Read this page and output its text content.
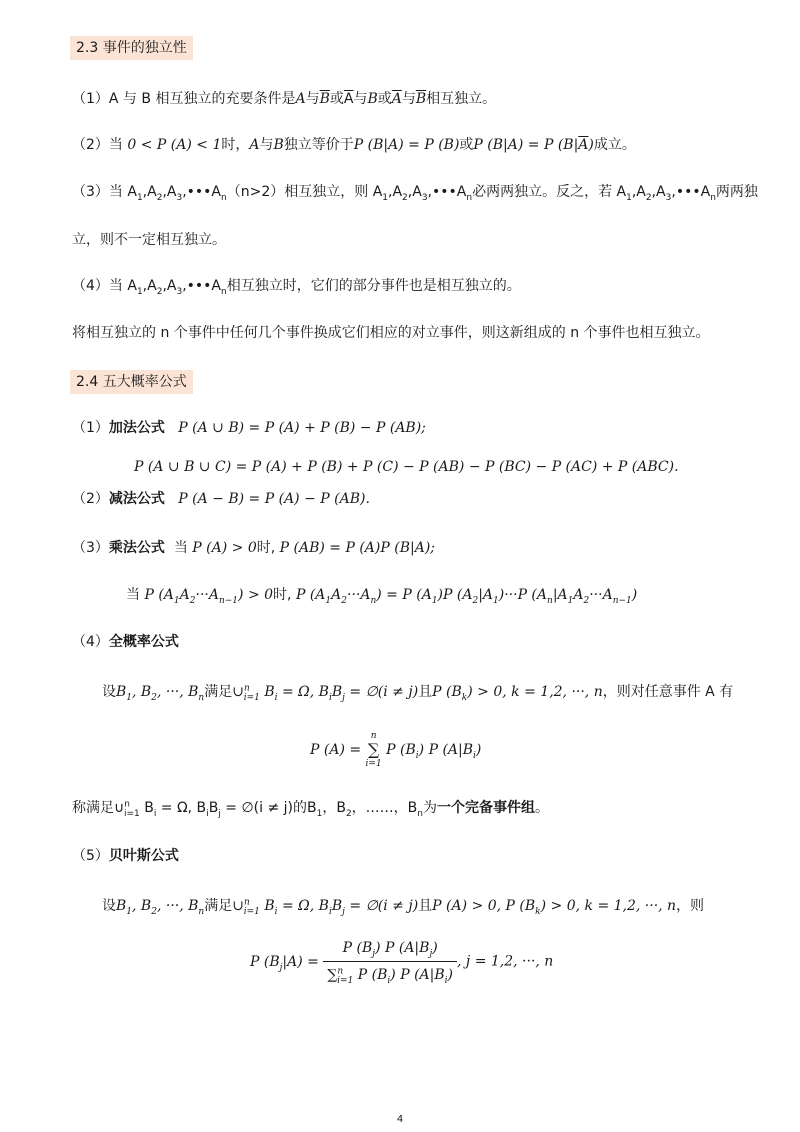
2.3 事件的独立性
（1）A 与 B 相互独立的充要条件是A与$\overline{B}$或$\overline{A}$与B或$\overline{A}$与$\overline{B}$相互独立。
（2）当 0 < P (A) < 1时，A与B独立等价于P (B|A) = P (B)或P (B|A) = P $(B|\overline{A})$成立。
（3）当 $A_1,A_2,A_3,•••A_n(n>2)$相互独立，则 $A_1,A_2,A_3,•••A_n$必两两独立。反之，若 $A_1,A_2,A_3,•••A_n$两两独
立，则不一定相互独立。
（4）当 $A_1,A_2,A_3,•••A_n$相互独立时，它们的部分事件也是相互独立的。
将相互独立的 n 个事件中任何几个事件换成它们相应的对立事件，则这新组成的 n 个事件也相互独立。
2.4 五大概率公式
（1）加法公式 P (A ∪ B) = P (A) + P (B) − P (AB);
P (A ∪ B ∪ C) = P (A) + P (B) + P (C) − P (AB) − P (BC) − P (AC) + P (ABC).
（2）减法公式 P (A − B) = P (A) − P (AB).
（3）乘法公式 当 P (A) > 0时, P (AB) = P (A)P (B|A);
当 P $(A_1A_2\cdot\cdot\cdot A_{n-1}) > 0$时, P $(A_1A_2\cdot\cdot\cdot A_n) = P$ $(A_1)P$ $(A_2|A_1)\cdot\cdot\cdot P$ $(A_n|A_1A_2\cdot\cdot\cdot A_{n-1})$
（4）全概率公式
设$B_1$, $B_2$, ···, $B_n$满足∪$^n_{i=1}$ $B_i = \Omega$, $B_iB_j$ = ∅(i ≠ j)且P $(B_k) > 0$, k = 1,2, ···, n，则对任意事件 A 有
P (A) = n
∑
i=1 P $(B_i)$ P $(A|B_i)$
称满足∪$^n_{i=1}$ $B_i = \Omega$, $B_iB_j$ = ∅(i ≠ j)的$B_1$，$B_2$，……，$B_n$为一个完备事件组。
（5）贝叶斯公式
设$B_1$, $B_2$, ···, $B_n$满足∪$^n_{i=1}$ $B_i = \Omega$, $B_iB_j$ = ∅(i ≠ j)且P (A) > 0, P $(B_k) > 0$, k = 1,2, ···, n，则
P $(B_j|A) = \frac{P (B_j) P (A|B_j)}{\sum^n_{i=1} P (B_i) P (A|B_i)}$ , j = 1,2, ···, n
4
